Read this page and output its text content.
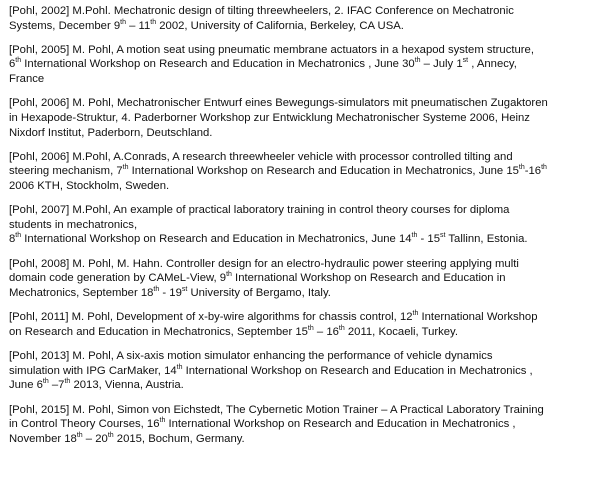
[Pohl, 2002] M.Pohl. Mechatronic design of tilting threewheelers, 2. IFAC Conference on Mechatronic
Systems, December 9th – 11th 2002, University of California, Berkeley, CA USA.
[Pohl, 2005] M. Pohl, A motion seat using pneumatic membrane actuators in a hexapod system structure,
6th International Workshop on Research and Education in Mechatronics , June 30th – July 1st , Annecy,
France
[Pohl, 2006] M. Pohl, Mechatronischer Entwurf eines Bewegungs-simulators mit pneumatischen Zugaktoren
in Hexapode-Struktur, 4. Paderborner Workshop zur Entwicklung Mechatronischer Systeme 2006, Heinz
Nixdorf Institut, Paderborn, Deutschland.
[Pohl, 2006] M.Pohl, A.Conrads, A research threewheeler vehicle with processor controlled tilting and
steering mechanism, 7th International Workshop on Research and Education in Mechatronics, June 15th-16th
2006 KTH, Stockholm, Sweden.
[Pohl, 2007] M.Pohl, An example of practical laboratory training in control theory courses for diploma
students in mechatronics,
8th International Workshop on Research and Education in Mechatronics, June 14th - 15st Tallinn, Estonia.
[Pohl, 2008] M. Pohl, M. Hahn. Controller design for an electro-hydraulic power steering applying multi
domain code generation by CAMeL-View, 9th International Workshop on Research and Education in
Mechatronics, September 18th - 19st University of Bergamo, Italy.
[Pohl, 2011] M. Pohl, Development of x-by-wire algorithms for chassis control, 12th International Workshop
on Research and Education in Mechatronics, September 15th – 16th 2011, Kocaeli, Turkey.
[Pohl, 2013] M. Pohl, A six-axis motion simulator enhancing the performance of vehicle dynamics
simulation with IPG CarMaker, 14th International Workshop on Research and Education in Mechatronics ,
June 6th –7th 2013, Vienna, Austria.
[Pohl, 2015] M. Pohl, Simon von Eichstedt, The Cybernetic Motion Trainer – A Practical Laboratory Training
in Control Theory Courses, 16th International Workshop on Research and Education in Mechatronics ,
November 18th – 20th 2015, Bochum, Germany.
